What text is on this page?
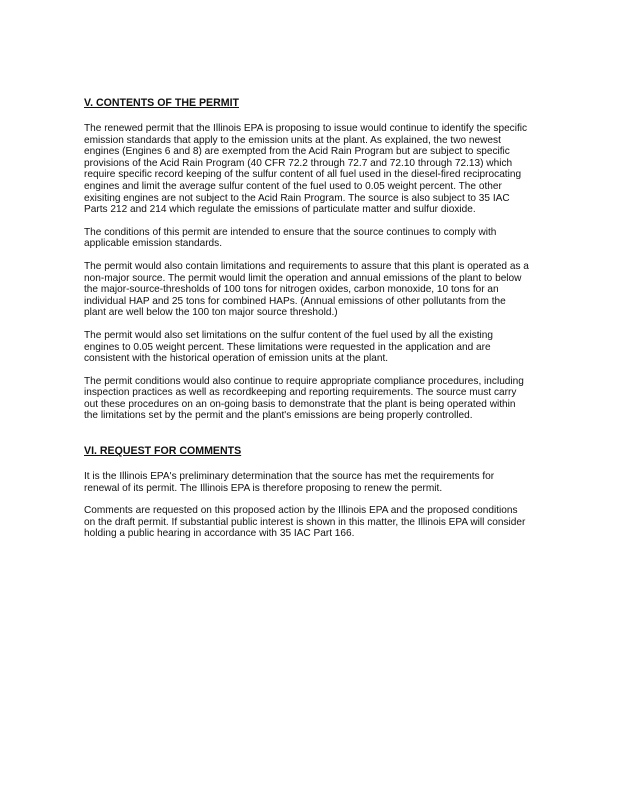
V. CONTENTS OF THE PERMIT

The renewed permit that the Illinois EPA is proposing to issue would continue to identify the specific emission standards that apply to the emission units at the plant. As explained, the two newest engines (Engines 6 and 8) are exempted from the Acid Rain Program but are subject to specific provisions of the Acid Rain Program (40 CFR 72.2 through 72.7 and 72.10 through 72.13) which require specific record keeping of the sulfur content of all fuel used in the diesel-fired reciprocating engines and limit the average sulfur content of the fuel used to 0.05 weight percent. The other exisiting engines are not subject to the Acid Rain Program. The source is also subject to 35 IAC Parts 212 and 214 which regulate the emissions of particulate matter and sulfur dioxide.

The conditions of this permit are intended to ensure that the source continues to comply with applicable emission standards.

The permit would also contain limitations and requirements to assure that this plant is operated as a non-major source. The permit would limit the operation and annual emissions of the plant to below the major-source-thresholds of 100 tons for nitrogen oxides, carbon monoxide, 10 tons for an individual HAP and 25 tons for combined HAPs. (Annual emissions of other pollutants from the plant are well below the 100 ton major source threshold.)

The permit would also set limitations on the sulfur content of the fuel used by all the existing engines to 0.05 weight percent. These limitations were requested in the application and are consistent with the historical operation of emission units at the plant.

The permit conditions would also continue to require appropriate compliance procedures, including inspection practices as well as recordkeeping and reporting requirements. The source must carry out these procedures on an on-going basis to demonstrate that the plant is being operated within the limitations set by the permit and the plant's emissions are being properly controlled.

VI. REQUEST FOR COMMENTS

It is the Illinois EPA's preliminary determination that the source has met the requirements for renewal of its permit. The Illinois EPA is therefore proposing to renew the permit.

Comments are requested on this proposed action by the Illinois EPA and the proposed conditions on the draft permit. If substantial public interest is shown in this matter, the Illinois EPA will consider holding a public hearing in accordance with 35 IAC Part 166.
